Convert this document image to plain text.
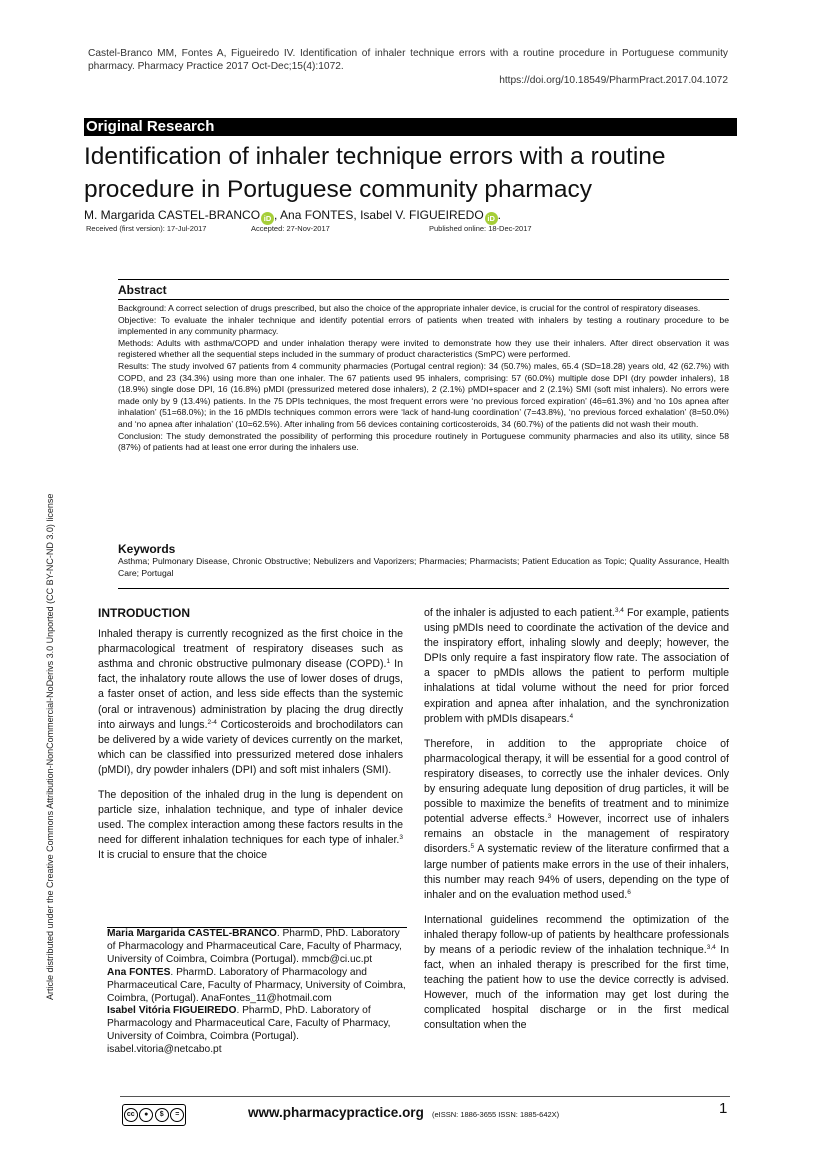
Castel-Branco MM, Fontes A, Figueiredo IV. Identification of inhaler technique errors with a routine procedure in Portuguese community pharmacy. Pharmacy Practice 2017 Oct-Dec;15(4):1072.
https://doi.org/10.18549/PharmPract.2017.04.1072
Original Research
Identification of inhaler technique errors with a routine procedure in Portuguese community pharmacy
M. Margarida CASTEL-BRANCO iD , Ana FONTES, Isabel V. FIGUEIREDO iD .
Received (first version): 17-Jul-2017	Accepted: 27-Nov-2017	Published online: 18-Dec-2017
Abstract

Background: A correct selection of drugs prescribed, but also the choice of the appropriate inhaler device, is crucial for the control of respiratory diseases.

Objective: To evaluate the inhaler technique and identify potential errors of patients when treated with inhalers by testing a routinary procedure to be implemented in any community pharmacy.

Methods: Adults with asthma/COPD and under inhalation therapy were invited to demonstrate how they use their inhalers. After direct observation it was registered whether all the sequential steps included in the summary of product characteristics (SmPC) were performed.

Results: The study involved 67 patients from 4 community pharmacies (Portugal central region): 34 (50.7%) males, 65.4 (SD=18.28) years old, 42 (62.7%) with COPD, and 23 (34.3%) using more than one inhaler. The 67 patients used 95 inhalers, comprising: 57 (60.0%) multiple dose DPI (dry powder inhalers), 18 (18.9%) single dose DPI, 16 (16.8%) pMDI (pressurized metered dose inhalers), 2 (2.1%) pMDI+spacer and 2 (2.1%) SMI (soft mist inhalers). No errors were made only by 9 (13.4%) patients. In the 75 DPIs techniques, the most frequent errors were ‘no previous forced expiration’ (46=61.3%) and ‘no 10s apnea after inhalation’ (51=68.0%); in the 16 pMDIs techniques common errors were ‘lack of hand-lung coordination’ (7=43.8%), ‘no previous forced exhalation’ (8=50.0%) and ‘no apnea after inhalation’ (10=62.5%). After inhaling from 56 devices containing corticosteroids, 34 (60.7%) of the patients did not wash their mouth.

Conclusion: The study demonstrated the possibility of performing this procedure routinely in Portuguese community pharmacies and also its utility, since 58 (87%) of patients had at least one error during the inhalers use.

Keywords

Asthma; Pulmonary Disease, Chronic Obstructive; Nebulizers and Vaporizers; Pharmacies; Pharmacists; Patient Education as Topic; Quality Assurance, Health Care; Portugal

Article distributed under the Creative Commons Attribution-NonCommercial-NoDerivs 3.0 Unported (CC BY-NC-ND 3.0) license	INTRODUCTION

Inhaled therapy is currently recognized as the first choice in the pharmacological treatment of respiratory diseases such as asthma and chronic obstructive pulmonary disease (COPD).$^1$ In fact, the inhalatory route allows the use of lower doses of drugs, a faster onset of action, and less side effects than the systemic (oral or intravenous) administration by placing the drug directly into airways and lungs.$^{2-4}$ Corticosteroids and brochodilators can be delivered by a wide variety of devices currently on the market, which can be classified into pressurized metered dose inhalers (pMDI), dry powder inhalers (DPI) and soft mist inhalers (SMI).

The deposition of the inhaled drug in the lung is dependent on particle size, inhalation technique, and type of inhaler device used. The complex interaction among these factors results in the need for different inhalation techniques for each type of inhaler.$^3$ It is crucial to ensure that the choice

Maria Margarida CASTEL-BRANCO. PharmD, PhD. Laboratory of Pharmacology and Pharmaceutical Care, Faculty of Pharmacy, University of Coimbra, Coimbra (Portugal). mmcb@ci.uc.pt
Ana FONTES. PharmD. Laboratory of Pharmacology and Pharmaceutical Care, Faculty of Pharmacy, University of Coimbra, Coimbra, (Portugal). AnaFontes_11@hotmail.com
Isabel Vitória FIGUEIREDO. PharmD, PhD. Laboratory of Pharmacology and Pharmaceutical Care, Faculty of Pharmacy, University of Coimbra, Coimbra (Portugal). isabel.vitoria@netcabo.pt

of the inhaler is adjusted to each patient.$^{3,4}$ For example, patients using pMDIs need to coordinate the activation of the device and the inspiratory effort, inhaling slowly and deeply; however, the DPIs only require a fast inspiratory flow rate. The association of a spacer to pMDIs allows the patient to perform multiple inhalations at tidal volume without the need for prior forced expiration and apnea after inhalation, and the synchronization problem with pMDIs disapears.$^4$

Therefore, in addition to the appropriate choice of pharmacological therapy, it will be essential for a good control of respiratory diseases, to correctly use the inhaler devices. Only by ensuring adequate lung deposition of drug particles, it will be possible to maximize the benefits of treatment and to minimize potential adverse effects.$^3$ However, incorrect use of inhalers remains an obstacle in the management of respiratory disorders.$^5$ A systematic review of the literature confirmed that a large number of patients make errors in the use of their inhalers, this number may reach 94% of users, depending on the type of inhaler and on the evaluation method used.$^6$

International guidelines recommend the optimization of the inhaled therapy follow-up of patients by healthcare professionals by means of a periodic review of the inhalation technique.$^{3,4}$ In fact, when an inhaled therapy is prescribed for the first time, teaching the patient how to use the device correctly is advised. However, much of the information may get lost during the complicated hospital discharge or in the first medical consultation when the

cc	●	$	=	www.pharmacypractice.org (eISSN: 1886-3655 ISSN: 1885-642X)	1
